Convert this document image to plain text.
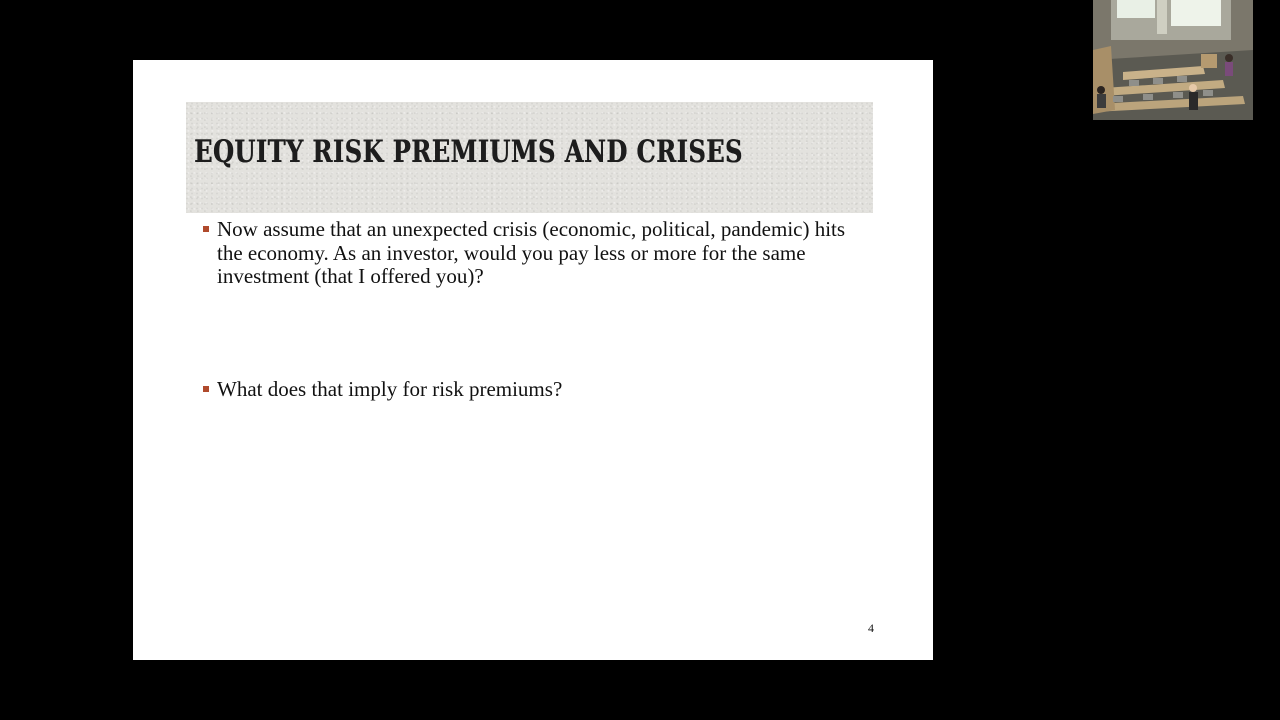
EQUITY RISK PREMIUMS AND CRISES
Now assume that an unexpected crisis (economic, political, pandemic) hits the economy. As an investor, would you pay less or more for the same investment (that I offered you)?
What does that imply for risk premiums?
4
